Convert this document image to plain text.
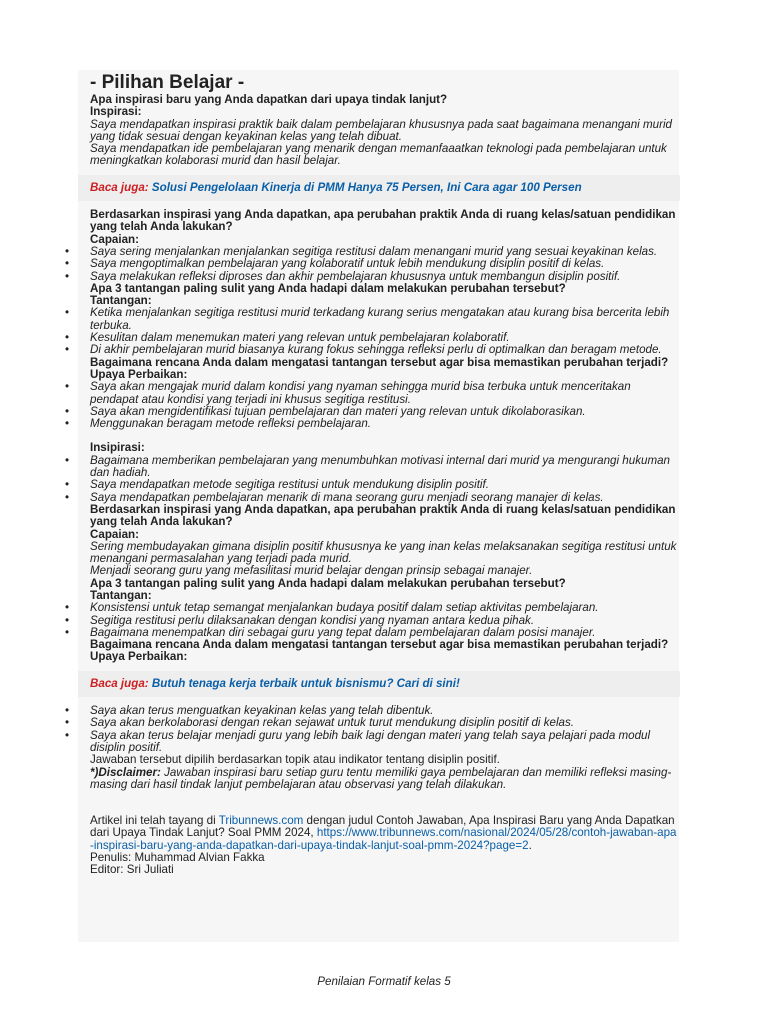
- Pilihan Belajar -

Apa inspirasi baru yang Anda dapatkan dari upaya tindak lanjut?

Inspirasi:

Saya mendapatkan inspirasi praktik baik dalam pembelajaran khususnya pada saat bagaimana menangani murid yang tidak sesuai dengan keyakinan kelas yang telah dibuat.

Saya mendapatkan ide pembelajaran yang menarik dengan memanfaaatkan teknologi pada pembelajaran untuk meningkatkan kolaborasi murid dan hasil belajar.

Baca juga: Solusi Pengelolaan Kinerja di PMM Hanya 75 Persen, Ini Cara agar 100 Persen

Berdasarkan inspirasi yang Anda dapatkan, apa perubahan praktik Anda di ruang kelas/satuan pendidikan yang telah Anda lakukan?

Capaian:

• Saya sering menjalankan menjalankan segitiga restitusi dalam menangani murid yang sesuai keyakinan kelas.
• Saya mengoptimalkan pembelajaran yang kolaboratif untuk lebih mendukung disiplin positif di kelas.
• Saya melakukan refleksi diproses dan akhir pembelajaran khususnya untuk membangun disiplin positif.

Apa 3 tantangan paling sulit yang Anda hadapi dalam melakukan perubahan tersebut?

Tantangan:

• Ketika menjalankan segitiga restitusi murid terkadang kurang serius mengatakan atau kurang bisa bercerita lebih terbuka.
• Kesulitan dalam menemukan materi yang relevan untuk pembelajaran kolaboratif.
• Di akhir pembelajaran murid biasanya kurang fokus sehingga refleksi perlu di optimalkan dan beragam metode.

Bagaimana rencana Anda dalam mengatasi tantangan tersebut agar bisa memastikan perubahan terjadi?

Upaya Perbaikan:

• Saya akan mengajak murid dalam kondisi yang nyaman sehingga murid bisa terbuka untuk menceritakan pendapat atau kondisi yang terjadi ini khusus segitiga restitusi.
• Saya akan mengidentifikasi tujuan pembelajaran dan materi yang relevan untuk dikolaborasikan.
• Menggunakan beragam metode refleksi pembelajaran.

Insipirasi:

• Bagaimana memberikan pembelajaran yang menumbuhkan motivasi internal dari murid ya mengurangi hukuman dan hadiah.
• Saya mendapatkan metode segitiga restitusi untuk mendukung disiplin positif.
• Saya mendapatkan pembelajaran menarik di mana seorang guru menjadi seorang manajer di kelas.

Berdasarkan inspirasi yang Anda dapatkan, apa perubahan praktik Anda di ruang kelas/satuan pendidikan yang telah Anda lakukan?

Capaian:

Sering membudayakan gimana disiplin positif khususnya ke yang inan kelas melaksanakan segitiga restitusi untuk menangani permasalahan yang terjadi pada murid.

Menjadi seorang guru yang mefasilitasi murid belajar dengan prinsip sebagai manajer.

Apa 3 tantangan paling sulit yang Anda hadapi dalam melakukan perubahan tersebut?

Tantangan:

• Konsistensi untuk tetap semangat menjalankan budaya positif dalam setiap aktivitas pembelajaran.
• Segitiga restitusi perlu dilaksanakan dengan kondisi yang nyaman antara kedua pihak.
• Bagaimana menempatkan diri sebagai guru yang tepat dalam pembelajaran dalam posisi manajer.

Bagaimana rencana Anda dalam mengatasi tantangan tersebut agar bisa memastikan perubahan terjadi?

Upaya Perbaikan:

Baca juga: Butuh tenaga kerja terbaik untuk bisnismu? Cari di sini!
• Saya akan terus menguatkan keyakinan kelas yang telah dibentuk.
• Saya akan berkolaborasi dengan rekan sejawat untuk turut mendukung disiplin positif di kelas.
• Saya akan terus belajar menjadi guru yang lebih baik lagi dengan materi yang telah saya pelajari pada modul disiplin positif.

Jawaban tersebut dipilih berdasarkan topik atau indikator tentang disiplin positif.

*)Disclaimer: Jawaban inspirasi baru setiap guru tentu memiliki gaya pembelajaran dan memiliki refleksi masing-masing dari hasil tindak lanjut pembelajaran atau observasi yang telah dilakukan.

Artikel ini telah tayang di Tribunnews.com dengan judul Contoh Jawaban, Apa Inspirasi Baru yang Anda Dapatkan dari Upaya Tindak Lanjut? Soal PMM 2024, https://www.tribunnews.com/nasional/2024/05/28/contoh-jawaban-apa-inspirasi-baru-yang-anda-dapatkan-dari-upaya-tindak-lanjut-soal-pmm-2024?page=2.

Penulis: Muhammad Alvian Fakka

Editor: Sri Juliati

Penilaian Formatif kelas 5
